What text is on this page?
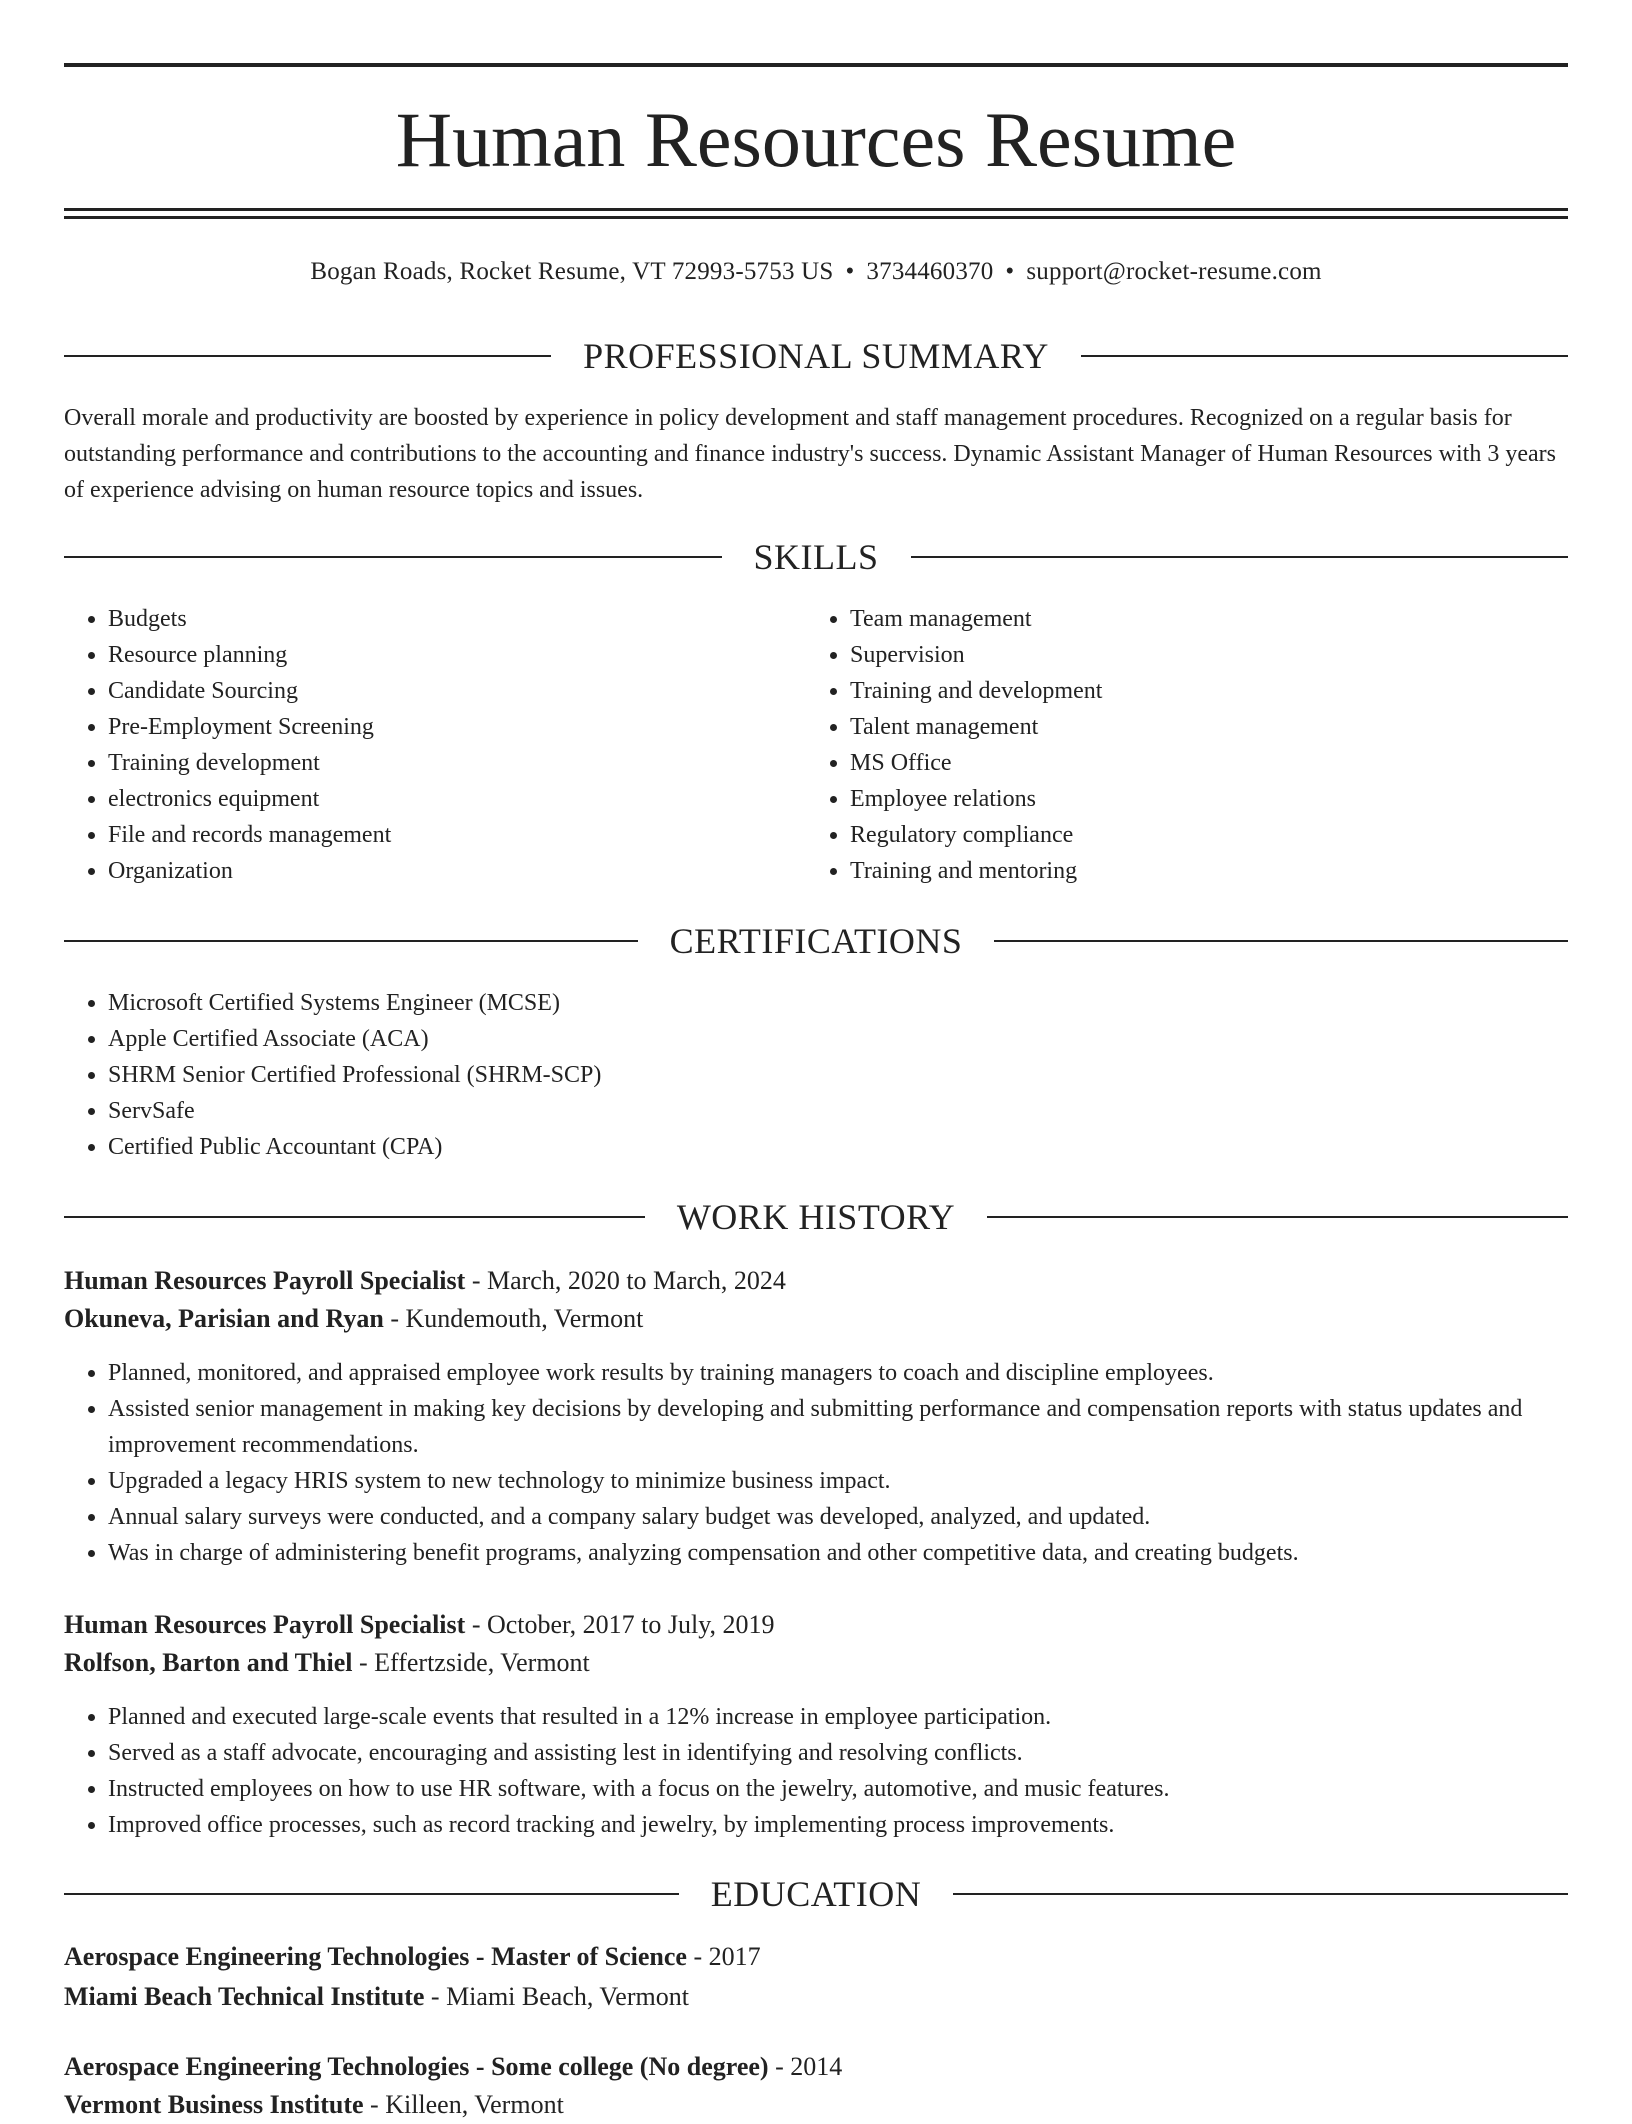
Human Resources Resume
Bogan Roads, Rocket Resume, VT 72993-5753 US • 3734460370 • support@rocket-resume.com
PROFESSIONAL SUMMARY
Overall morale and productivity are boosted by experience in policy development and staff management procedures. Recognized on a regular basis for outstanding performance and contributions to the accounting and finance industry's success. Dynamic Assistant Manager of Human Resources with 3 years of experience advising on human resource topics and issues.
SKILLS
• Budgets
• Resource planning
• Candidate Sourcing
• Pre-Employment Screening
• Training development
• electronics equipment
• File and records management
• Organization
• Team management
• Supervision
• Training and development
• Talent management
• MS Office
• Employee relations
• Regulatory compliance
• Training and mentoring
CERTIFICATIONS
• Microsoft Certified Systems Engineer (MCSE)
• Apple Certified Associate (ACA)
• SHRM Senior Certified Professional (SHRM-SCP)
• ServSafe
• Certified Public Accountant (CPA)
WORK HISTORY
Human Resources Payroll Specialist - March, 2020 to March, 2024
Okuneva, Parisian and Ryan - Kundemouth, Vermont
• Planned, monitored, and appraised employee work results by training managers to coach and discipline employees.
• Assisted senior management in making key decisions by developing and submitting performance and compensation reports with status updates and improvement recommendations.
• Upgraded a legacy HRIS system to new technology to minimize business impact.
• Annual salary surveys were conducted, and a company salary budget was developed, analyzed, and updated.
• Was in charge of administering benefit programs, analyzing compensation and other competitive data, and creating budgets.
Human Resources Payroll Specialist - October, 2017 to July, 2019
Rolfson, Barton and Thiel - Effertzside, Vermont
• Planned and executed large-scale events that resulted in a 12% increase in employee participation.
• Served as a staff advocate, encouraging and assisting lest in identifying and resolving conflicts.
• Instructed employees on how to use HR software, with a focus on the jewelry, automotive, and music features.
• Improved office processes, such as record tracking and jewelry, by implementing process improvements.
EDUCATION
Aerospace Engineering Technologies - Master of Science - 2017
Miami Beach Technical Institute - Miami Beach, Vermont
Aerospace Engineering Technologies - Some college (No degree) - 2014
Vermont Business Institute - Killeen, Vermont
